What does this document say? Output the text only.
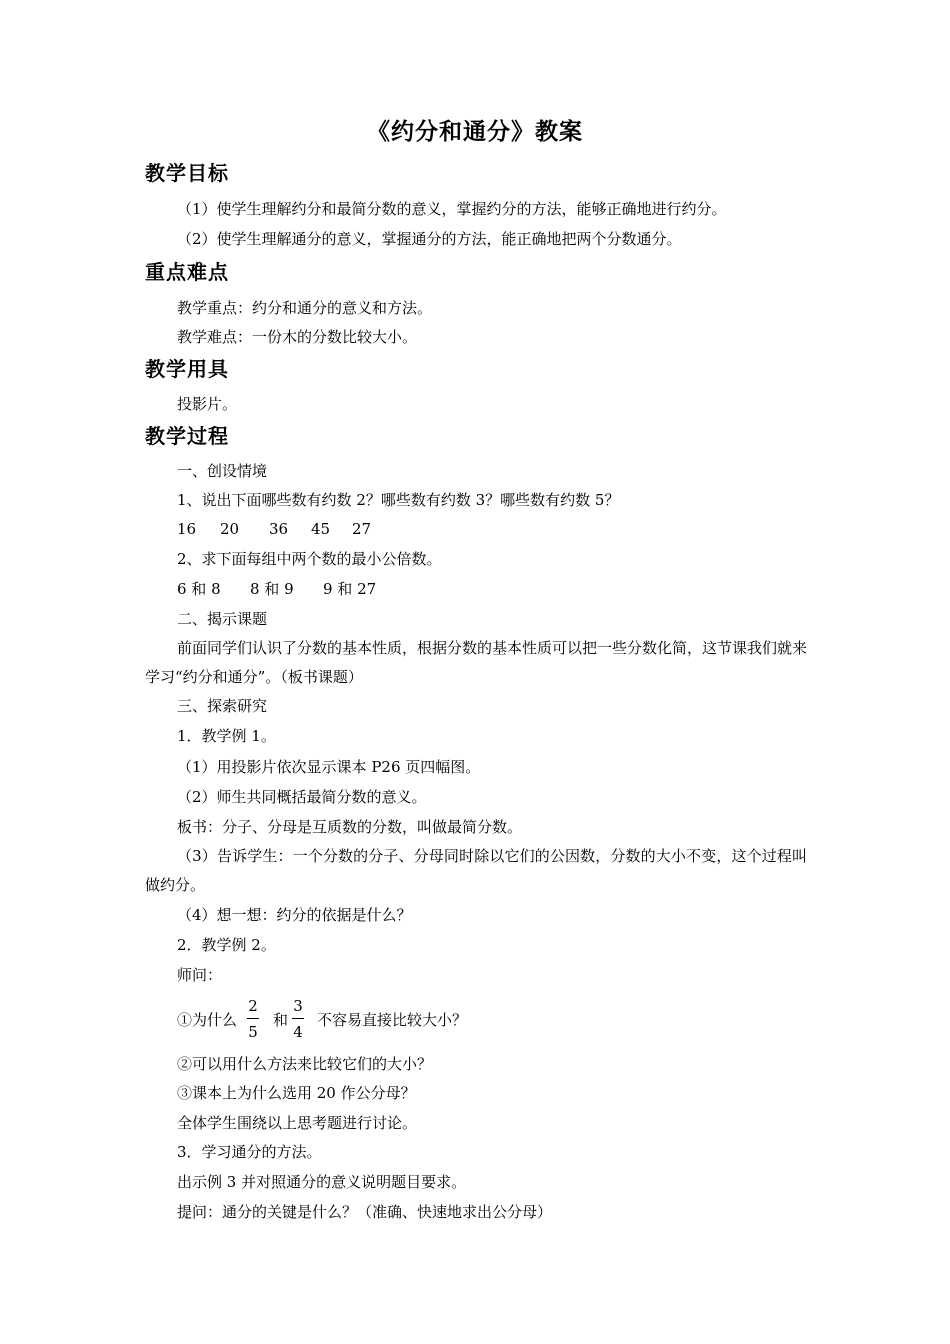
《约分和通分》教案
教学目标
（1）使学生理解约分和最简分数的意义，掌握约分的方法，能够正确地进行约分。
（2）使学生理解通分的意义，掌握通分的方法，能正确地把两个分数通分。
重点难点
教学重点：约分和通分的意义和方法。
教学难点：一份木的分数比较大小。
教学用具
投影片。
教学过程
一、创设情境
1、说出下面哪些数有约数 2？哪些数有约数 3？哪些数有约数 5？
16 20 36 45 27
2、求下面每组中两个数的最小公倍数。
6 和 8 8 和 9 9 和 27
二、揭示课题
前面同学们认识了分数的基本性质，根据分数的基本性质可以把一些分数化简，这节课我们就来学习“约分和通分”。（板书课题）
三、探索研究
1．教学例 1。
（1）用投影片依次显示课本 P26 页四幅图。
（2）师生共同概括最简分数的意义。
板书：分子、分母是互质数的分数，叫做最简分数。
（3）告诉学生：一个分数的分子、分母同时除以它们的公因数，分数的大小不变，这个过程叫做约分。
（4）想一想：约分的依据是什么？
2．教学例 2。
师问：
①为什么
2
5
和
3
4
不容易直接比较大小？
②可以用什么方法来比较它们的大小？
③课本上为什么选用 20 作公分母？
全体学生围绕以上思考题进行讨论。
3．学习通分的方法。
出示例 3 并对照通分的意义说明题目要求。
提问：通分的关键是什么？（准确、快速地求出公分母）
